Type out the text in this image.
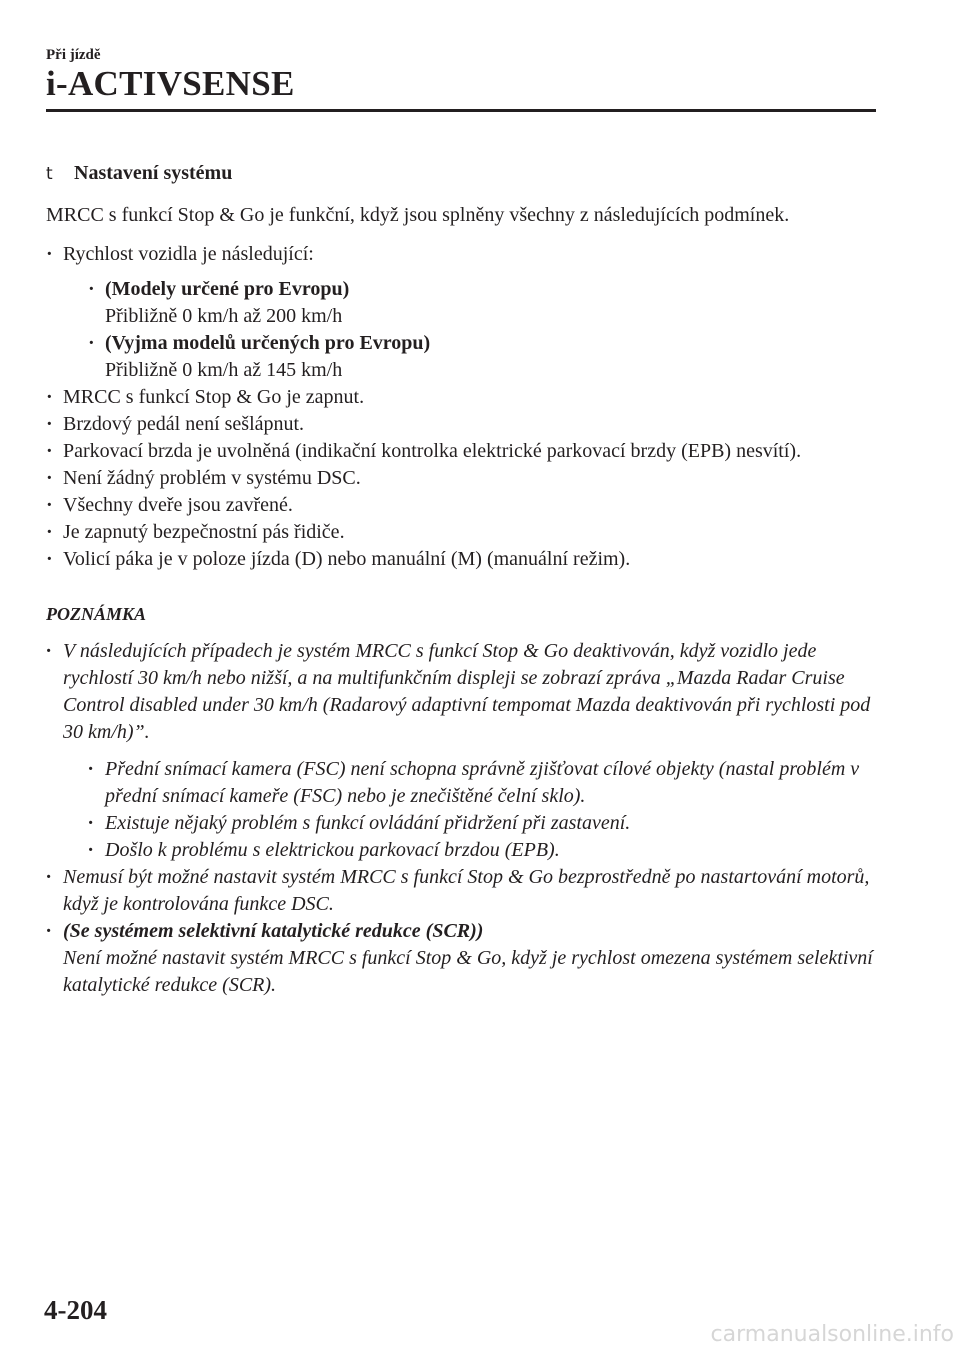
Při jízdě
i-ACTIVSENSE
t	Nastavení systému

MRCC s funkcí Stop & Go je funkční, když jsou splněny všechny z následujících podmínek.

· Rychlost vozidla je následující:
· (Modely určené pro Evropu)
Přibližně 0 km/h až 200 km/h
· (Vyjma modelů určených pro Evropu)
Přibližně 0 km/h až 145 km/h
· MRCC s funkcí Stop & Go je zapnut.
· Brzdový pedál není sešlápnut.
· Parkovací brzda je uvolněná (indikační kontrolka elektrické parkovací brzdy (EPB) nesvítí).
· Není žádný problém v systému DSC.
· Všechny dveře jsou zavřené.
· Je zapnutý bezpečnostní pás řidiče.
· Volicí páka je v poloze jízda (D) nebo manuální (M) (manuální režim).
POZNÁMKA
· V následujících případech je systém MRCC s funkcí Stop & Go deaktivován, když vozidlo jede rychlostí 30 km/h nebo nižší, a na multifunkčním displeji se zobrazí zpráva „Mazda Radar Cruise Control disabled under 30 km/h (Radarový adaptivní tempomat Mazda deaktivován při rychlosti pod 30 km/h)”.
· Přední snímací kamera (FSC) není schopna správně zjišťovat cílové objekty (nastal problém v přední snímací kameře (FSC) nebo je znečištěné čelní sklo).
· Existuje nějaký problém s funkcí ovládání přidržení při zastavení.
· Došlo k problému s elektrickou parkovací brzdou (EPB).
· Nemusí být možné nastavit systém MRCC s funkcí Stop & Go bezprostředně po nastartování motorů, když je kontrolována funkce DSC.
· (Se systémem selektivní katalytické redukce (SCR))
Není možné nastavit systém MRCC s funkcí Stop & Go, když je rychlost omezena systémem selektivní katalytické redukce (SCR).
4-204
carmanualsonline.info
